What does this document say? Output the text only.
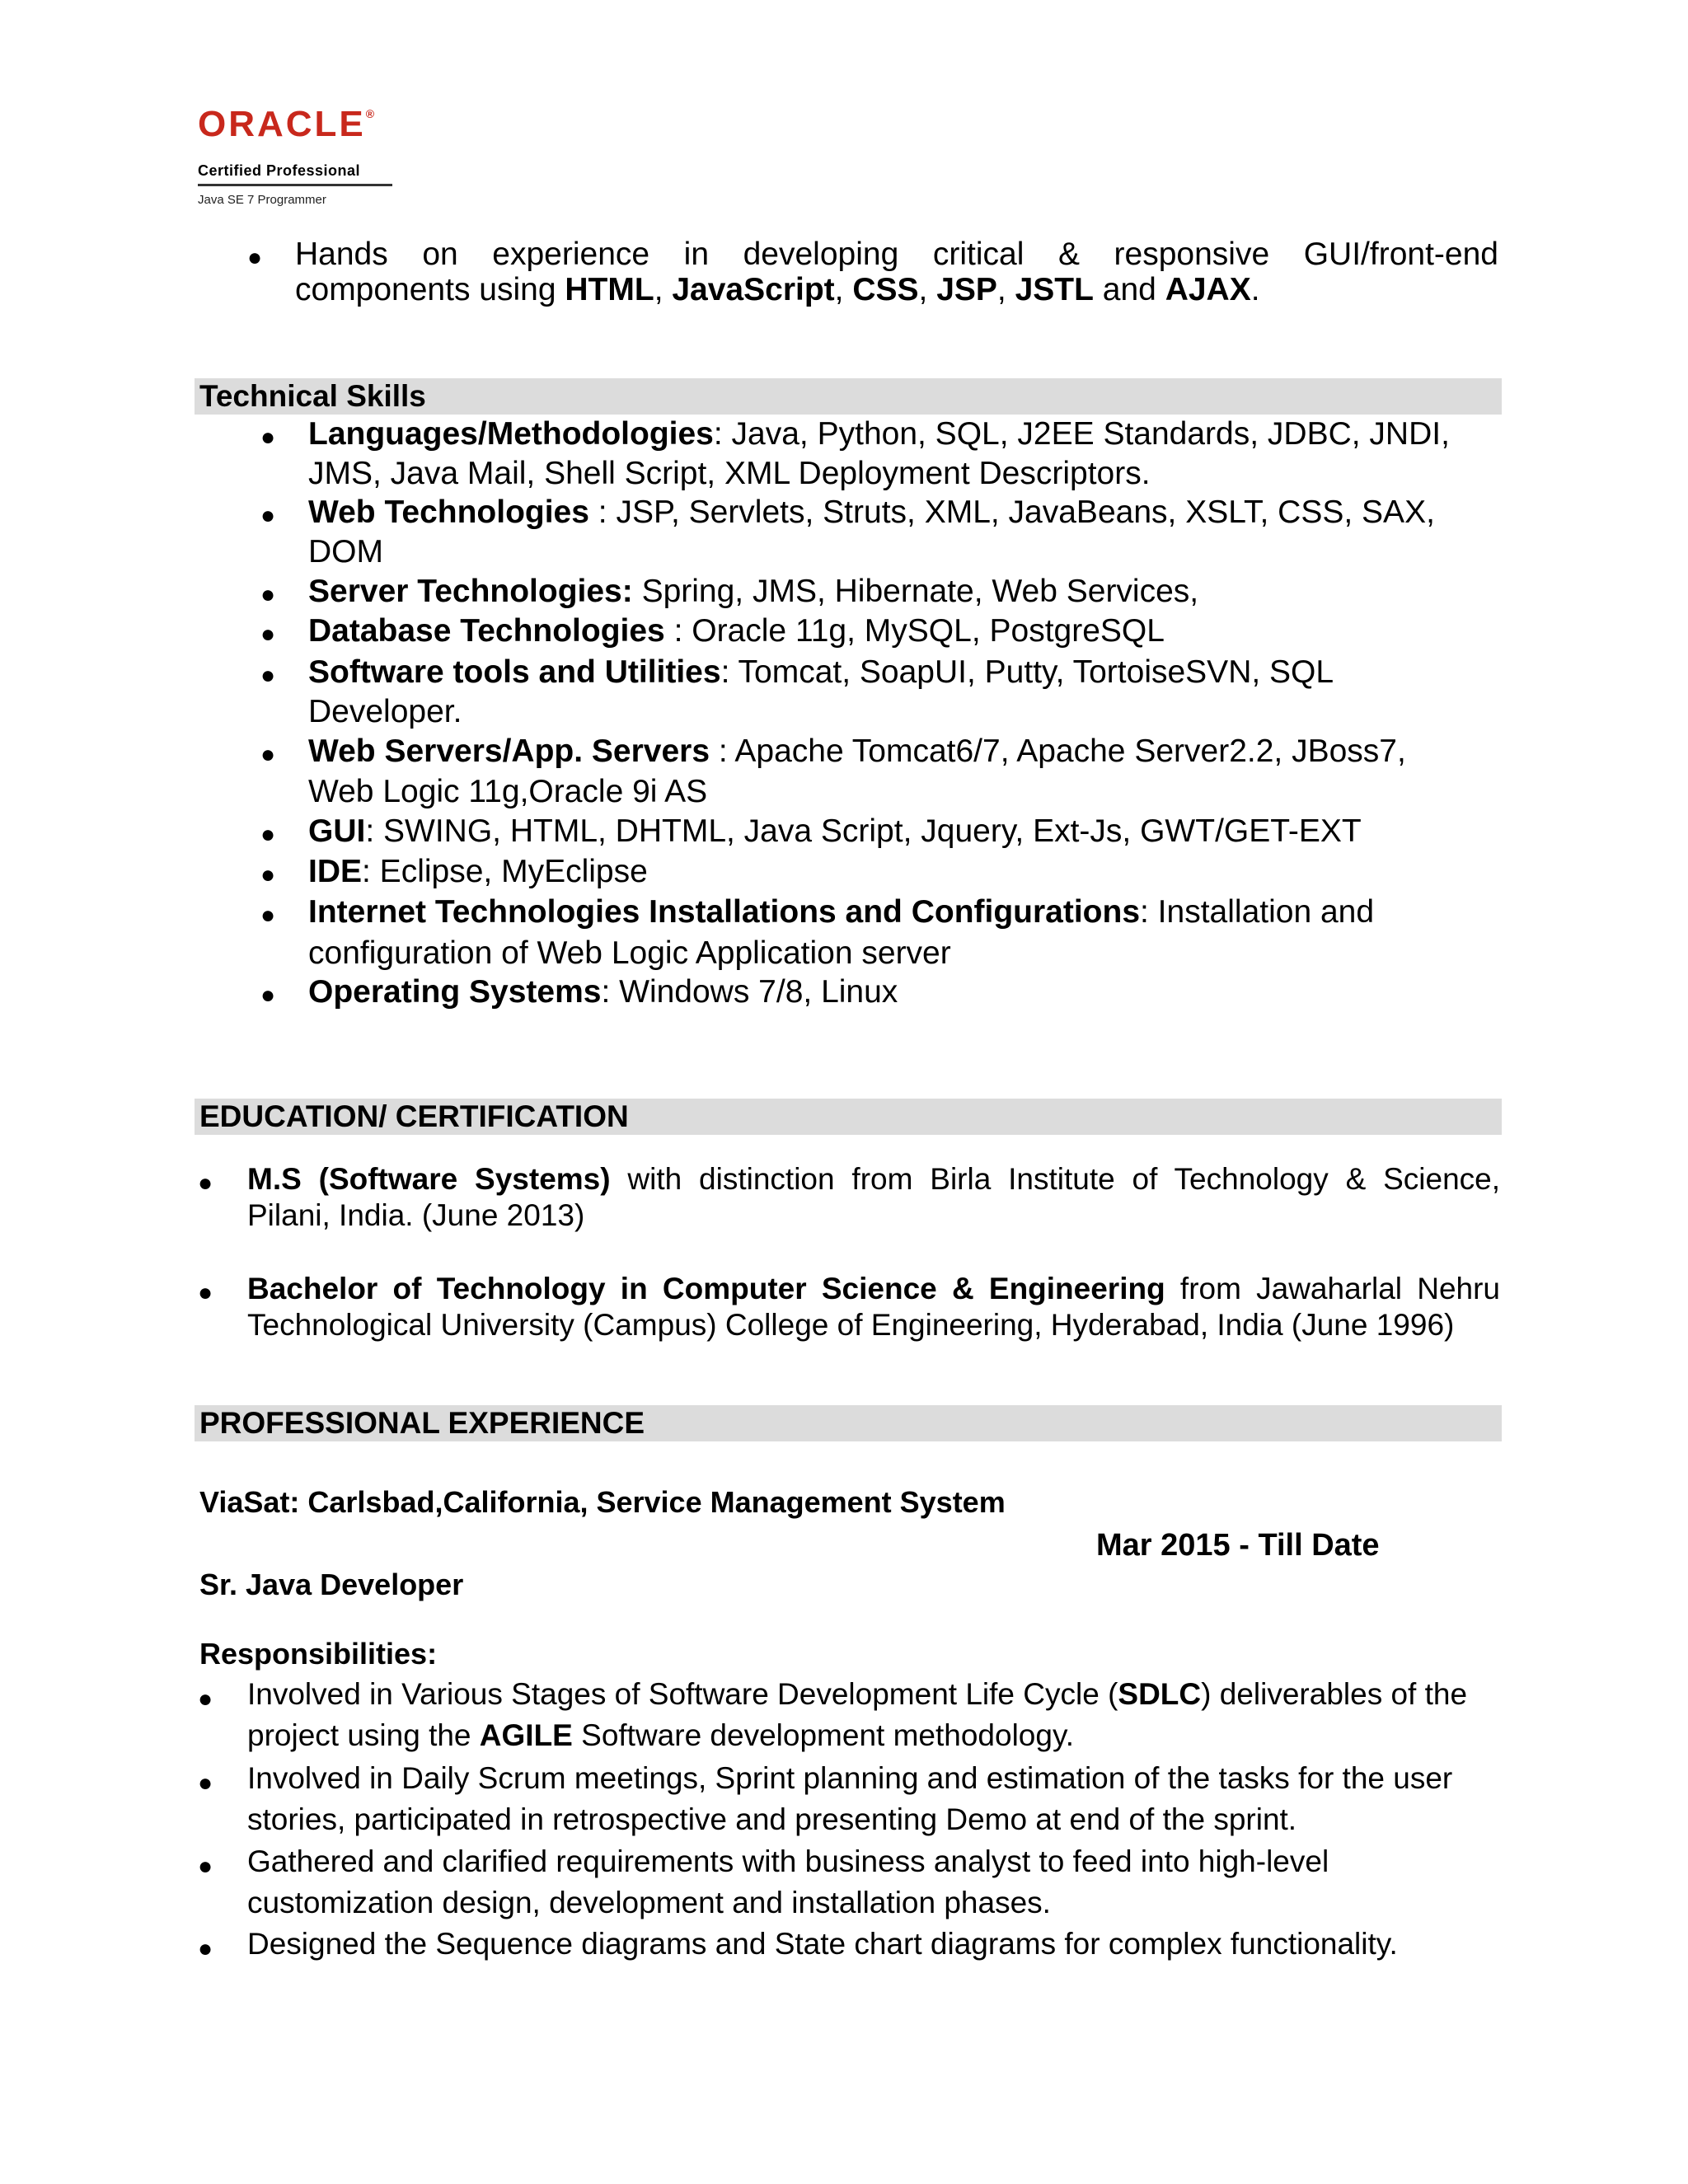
ORACLE®
Certified Professional
Java SE 7 Programmer
● Hands on experience in developing critical & responsive GUI/front-end
components using HTML, JavaScript, CSS, JSP, JSTL and AJAX.
Technical Skills
● Languages/Methodologies: Java, Python, SQL, J2EE Standards, JDBC, JNDI,
JMS, Java Mail, Shell Script, XML Deployment Descriptors.
● Web Technologies : JSP, Servlets, Struts, XML, JavaBeans, XSLT, CSS, SAX,
DOM
● Server Technologies: Spring, JMS, Hibernate, Web Services,
● Database Technologies : Oracle 11g, MySQL, PostgreSQL
● Software tools and Utilities: Tomcat, SoapUI, Putty, TortoiseSVN, SQL
Developer.
● Web Servers/App. Servers : Apache Tomcat6/7, Apache Server2.2, JBoss7,
Web Logic 11g,Oracle 9i AS
● GUI: SWING, HTML, DHTML, Java Script, Jquery, Ext-Js, GWT/GET-EXT
● IDE: Eclipse, MyEclipse
● Internet Technologies Installations and Configurations: Installation and
configuration of Web Logic Application server
● Operating Systems: Windows 7/8, Linux
EDUCATION/ CERTIFICATION
● M.S (Software Systems) with distinction from Birla Institute of Technology & Science,
Pilani, India. (June 2013)
● Bachelor of Technology in Computer Science & Engineering from Jawaharlal Nehru
Technological University (Campus) College of Engineering, Hyderabad, India (June 1996)
PROFESSIONAL EXPERIENCE
ViaSat: Carlsbad,California, Service Management System
Mar 2015 - Till Date
Sr. Java Developer
Responsibilities:
● Involved in Various Stages of Software Development Life Cycle (SDLC) deliverables of the
project using the AGILE Software development methodology.
● Involved in Daily Scrum meetings, Sprint planning and estimation of the tasks for the user
stories, participated in retrospective and presenting Demo at end of the sprint.
● Gathered and clarified requirements with business analyst to feed into high-level
customization design, development and installation phases.
● Designed the Sequence diagrams and State chart diagrams for complex functionality.
